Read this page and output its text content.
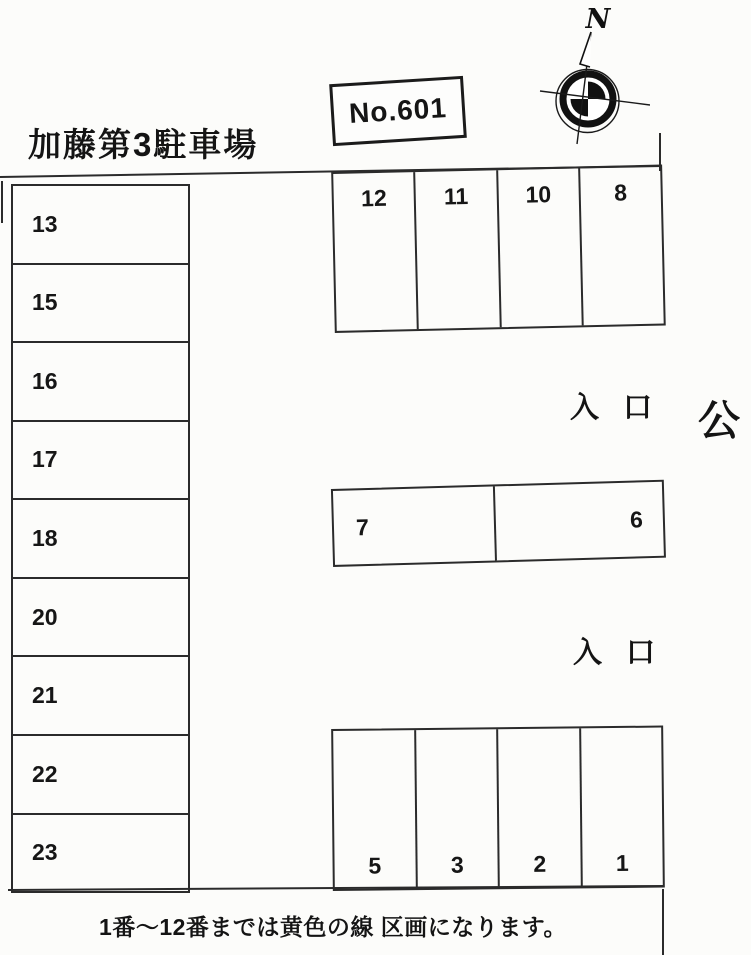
加藤第3駐車場
No.601
N
13
15
16
17
18
20
21
22
23
12	11	10	8
7	6
5	3	2	1
入 口
入 口
公
1番～12番までは黄色の線 区画になります。
